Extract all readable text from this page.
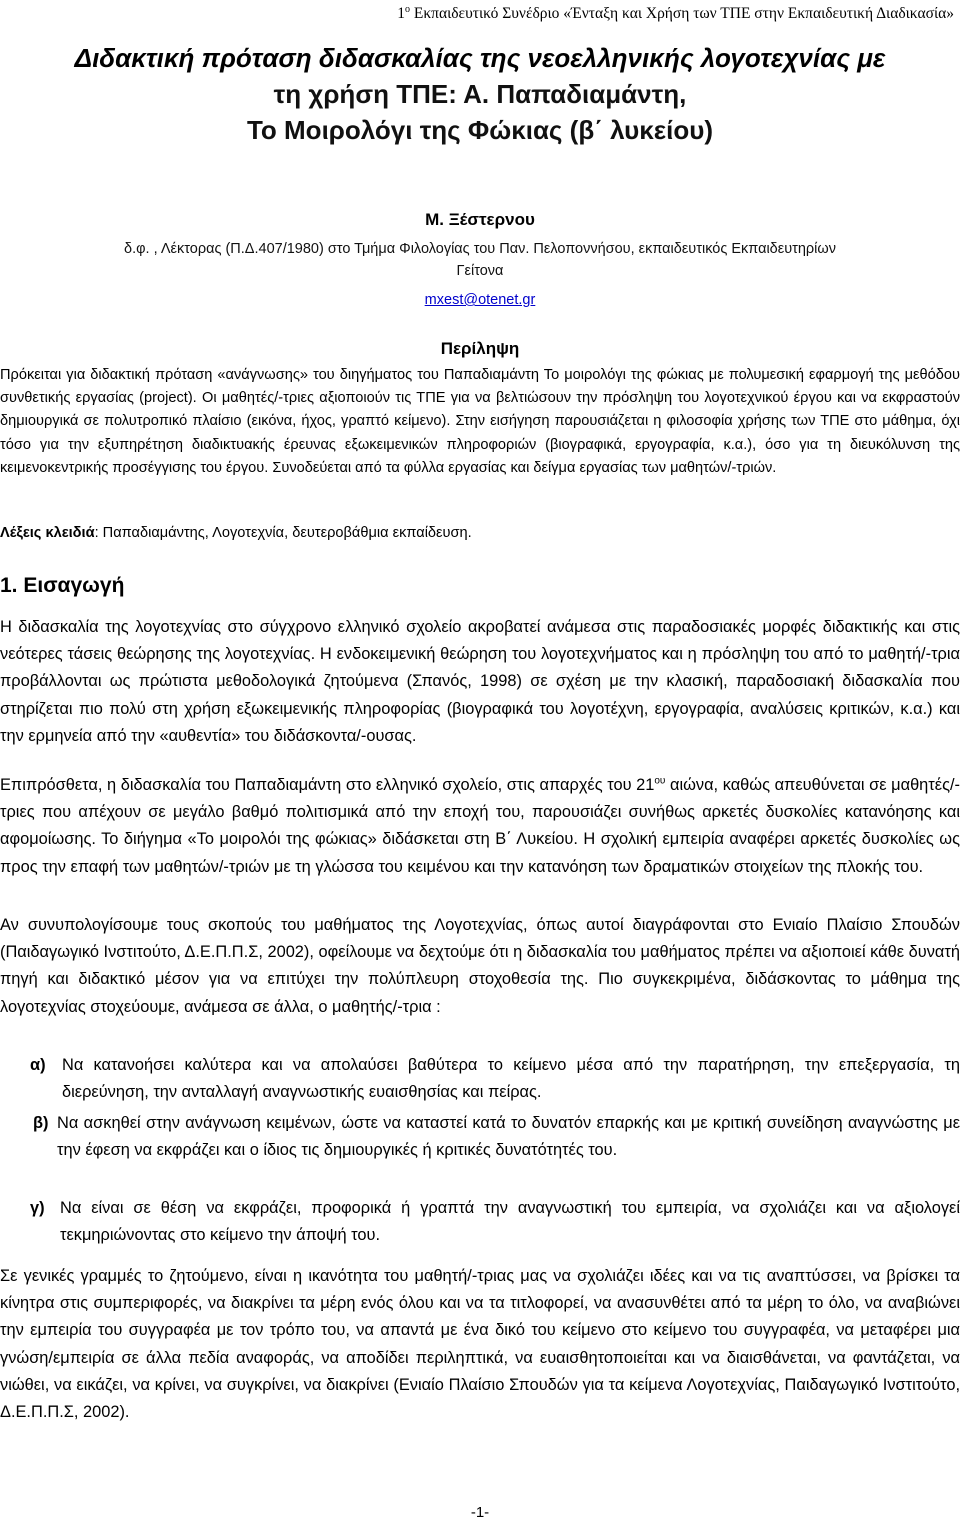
$1^o$ Εκπαιδευτικό Συνέδριο «Ένταξη και Χρήση των ΤΠΕ στην Εκπαιδευτική Διαδικασία»
Διδακτική πρόταση διδασκαλίας της νεοελληνικής λογοτεχνίας με
τη χρήση ΤΠΕ: Α. Παπαδιαμάντη,
Το Μοιρολόγι της Φώκιας (β΄ λυκείου)
Μ. Ξέστερνου
δ.φ. , Λέκτορας (Π.Δ.407/1980) στο Τμήμα Φιλολογίας του Παν. Πελοποννήσου, εκπαιδευτικός Εκπαιδευτηρίων
Γείτονα
mxest@otenet.gr
Περίληψη
Πρόκειται για διδακτική πρόταση «ανάγνωσης» του διηγήματος του Παπαδιαμάντη Το μοιρολόγι της φώκιας με πολυμεσική εφαρμογή της μεθόδου συνθετικής εργασίας (project). Οι μαθητές/-τριες αξιοποιούν τις ΤΠΕ για να βελτιώσουν την πρόσληψη του λογοτεχνικού έργου και να εκφραστούν δημιουργικά σε πολυτροπικό πλαίσιο (εικόνα, ήχος, γραπτό κείμενο). Στην εισήγηση παρουσιάζεται η φιλοσοφία χρήσης των ΤΠΕ στο μάθημα, όχι τόσο για την εξυπηρέτηση διαδικτυακής έρευνας εξωκειμενικών πληροφοριών (βιογραφικά, εργογραφία, κ.α.), όσο για τη διευκόλυνση της κειμενοκεντρικής προσέγγισης του έργου. Συνοδεύεται από τα φύλλα εργασίας και δείγμα εργασίας των μαθητών/-τριών.
Λέξεις κλειδιά: Παπαδιαμάντης, Λογοτεχνία, δευτεροβάθμια εκπαίδευση.
1. Εισαγωγή
Η διδασκαλία της λογοτεχνίας στο σύγχρονο ελληνικό σχολείο ακροβατεί ανάμεσα στις παραδοσιακές μορφές διδακτικής και στις νεότερες τάσεις θεώρησης της λογοτεχνίας. Η ενδοκειμενική θεώρηση του λογοτεχνήματος και η πρόσληψη του από το μαθητή/-τρια προβάλλονται ως πρώτιστα μεθοδολογικά ζητούμενα (Σπανός, 1998) σε σχέση με την κλασική, παραδοσιακή διδασκαλία που στηρίζεται πιο πολύ στη χρήση εξωκειμενικής πληροφορίας (βιογραφικά του λογοτέχνη, εργογραφία, αναλύσεις κριτικών, κ.α.) και την ερμηνεία από την «αυθεντία» του διδάσκοντα/-ουσας.
Επιπρόσθετα, η διδασκαλία του Παπαδιαμάντη στο ελληνικό σχολείο, στις απαρχές του $21^{o\upsilon}$ αιώνα, καθώς απευθύνεται σε μαθητές/-τριες που απέχουν σε μεγάλο βαθμό πολιτισμικά από την εποχή του, παρουσιάζει συνήθως αρκετές δυσκολίες κατανόησης και αφομοίωσης. Το διήγημα «Το μοιρολόι της φώκιας» διδάσκεται στη Β΄ Λυκείου. Η σχολική εμπειρία αναφέρει αρκετές δυσκολίες ως προς την επαφή των μαθητών/-τριών με τη γλώσσα του κειμένου και την κατανόηση των δραματικών στοιχείων της πλοκής του.
Αν συνυπολογίσουμε τους σκοπούς του μαθήματος της Λογοτεχνίας, όπως αυτοί διαγράφονται στο Ενιαίο Πλαίσιο Σπουδών (Παιδαγωγικό Ινστιτούτο, Δ.Ε.Π.Π.Σ, 2002), οφείλουμε να δεχτούμε ότι η διδασκαλία του μαθήματος πρέπει να αξιοποιεί κάθε δυνατή πηγή και διδακτικό μέσον για να επιτύχει την πολύπλευρη στοχοθεσία της. Πιο συγκεκριμένα, διδάσκοντας το μάθημα της λογοτεχνίας στοχεύουμε, ανάμεσα σε άλλα, ο μαθητής/-τρια :
α) Να κατανοήσει καλύτερα και να απολαύσει βαθύτερα το κείμενο μέσα από την παρατήρηση, την επεξεργασία, τη διερεύνηση, την ανταλλαγή αναγνωστικής ευαισθησίας και πείρας.
β) Να ασκηθεί στην ανάγνωση κειμένων, ώστε να καταστεί κατά το δυνατόν επαρκής και με κριτική συνείδηση αναγνώστης με την έφεση να εκφράζει και ο ίδιος τις δημιουργικές ή κριτικές δυνατότητές του.
γ) Να είναι σε θέση να εκφράζει, προφορικά ή γραπτά την αναγνωστική του εμπειρία, να σχολιάζει και να αξιολογεί τεκμηριώνοντας στο κείμενο την άποψή του.
Σε γενικές γραμμές το ζητούμενο, είναι η ικανότητα του μαθητή/-τριας μας να σχολιάζει ιδέες και να τις αναπτύσσει, να βρίσκει τα κίνητρα στις συμπεριφορές, να διακρίνει τα μέρη ενός όλου και να τα τιτλοφορεί, να ανασυνθέτει από τα μέρη το όλο, να αναβιώνει την εμπειρία του συγγραφέα με τον τρόπο του, να απαντά με ένα δικό του κείμενο στο κείμενο του συγγραφέα, να μεταφέρει μια γνώση/εμπειρία σε άλλα πεδία αναφοράς, να αποδίδει περιληπτικά, να ευαισθητοποιείται και να διαισθάνεται, να φαντάζεται, να νιώθει, να εικάζει, να κρίνει, να συγκρίνει, να διακρίνει (Ενιαίο Πλαίσιο Σπουδών για τα κείμενα Λογοτεχνίας, Παιδαγωγικό Ινστιτούτο, Δ.Ε.Π.Π.Σ, 2002).
-1-
